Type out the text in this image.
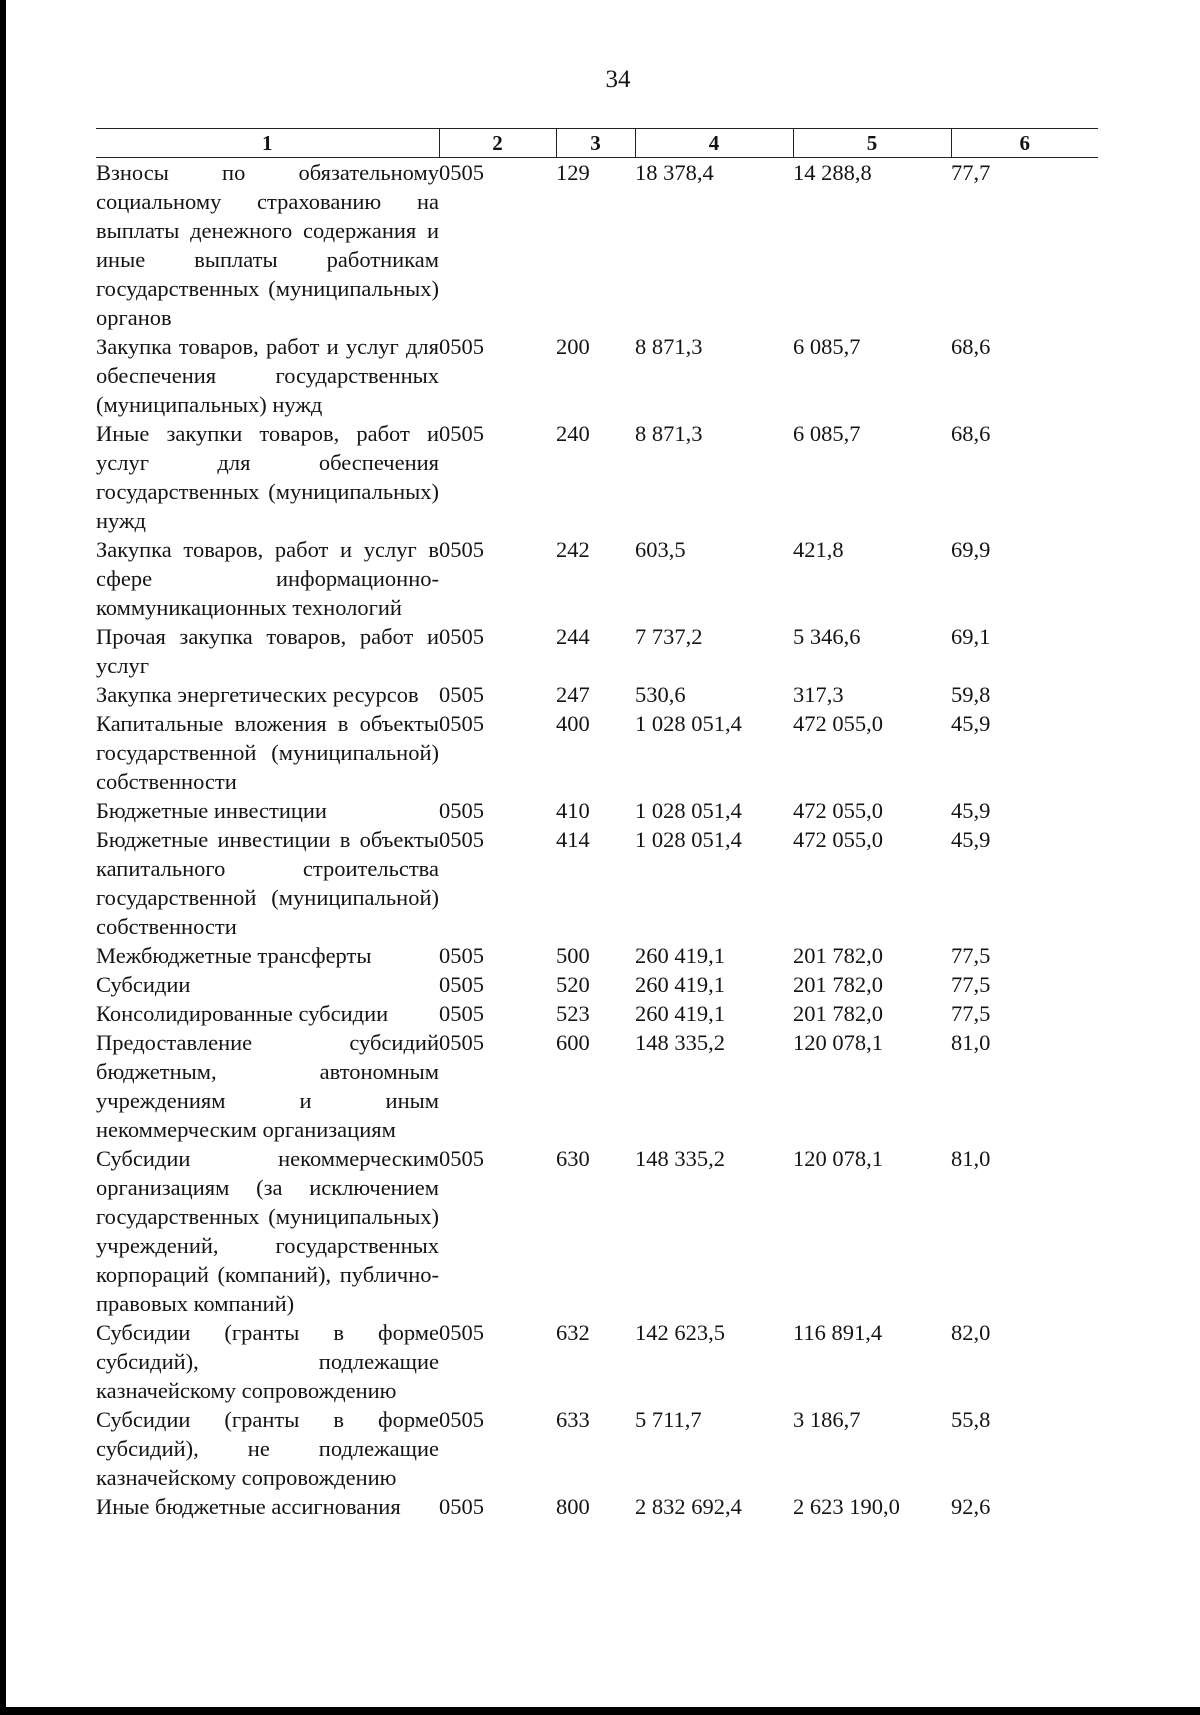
34
1	2	3	4	5	6
Взносы по обязательному социальному страхованию на выплаты денежного содержания и иные выплаты работникам государственных (муниципальных) органов	0505	129	18 378,4	14 288,8	77,7
Закупка товаров, работ и услуг для обеспечения государственных (муниципальных) нужд	0505	200	8 871,3	6 085,7	68,6
Иные закупки товаров, работ и услуг для обеспечения государственных (муниципальных) нужд	0505	240	8 871,3	6 085,7	68,6
Закупка товаров, работ и услуг в сфере информационно-коммуникационных технологий	0505	242	603,5	421,8	69,9
Прочая закупка товаров, работ и услуг	0505	244	7 737,2	5 346,6	69,1
Закупка энергетических ресурсов	0505	247	530,6	317,3	59,8
Капитальные вложения в объекты государственной (муниципальной) собственности	0505	400	1 028 051,4	472 055,0	45,9
Бюджетные инвестиции	0505	410	1 028 051,4	472 055,0	45,9
Бюджетные инвестиции в объекты капитального строительства государственной (муниципальной) собственности	0505	414	1 028 051,4	472 055,0	45,9
Межбюджетные трансферты	0505	500	260 419,1	201 782,0	77,5
Субсидии	0505	520	260 419,1	201 782,0	77,5
Консолидированные субсидии	0505	523	260 419,1	201 782,0	77,5
Предоставление субсидий бюджетным, автономным учреждениям и иным некоммерческим организациям	0505	600	148 335,2	120 078,1	81,0
Субсидии некоммерческим организациям (за исключением государственных (муниципальных) учреждений, государственных корпораций (компаний), публично-правовых компаний)	0505	630	148 335,2	120 078,1	81,0
Субсидии (гранты в форме субсидий), подлежащие казначейскому сопровождению	0505	632	142 623,5	116 891,4	82,0
Субсидии (гранты в форме субсидий), не подлежащие казначейскому сопровождению	0505	633	5 711,7	3 186,7	55,8
Иные бюджетные ассигнования	0505	800	2 832 692,4	2 623 190,0	92,6
